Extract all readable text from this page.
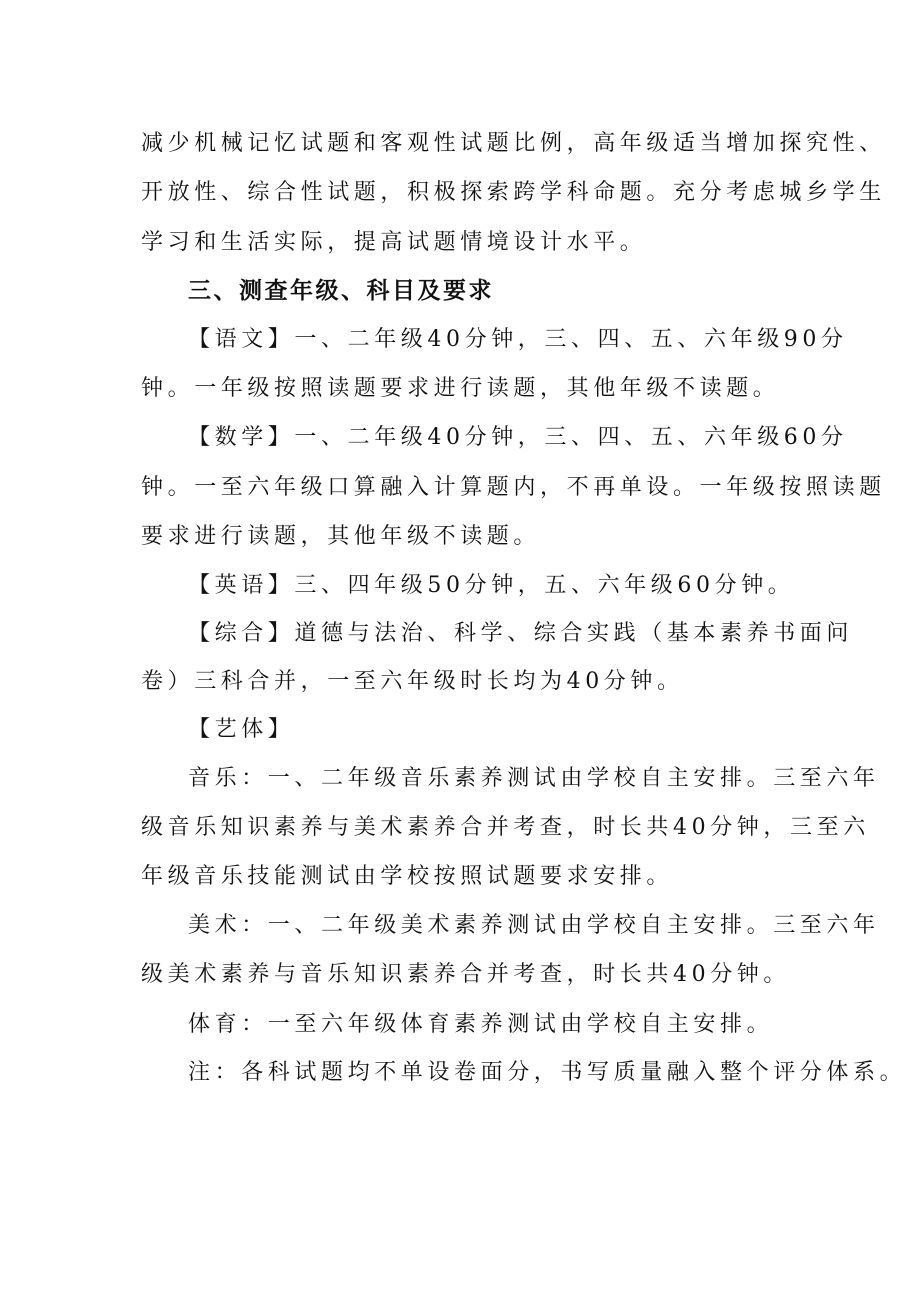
减少机械记忆试题和客观性试题比例，高年级适当增加探究性、
开放性、综合性试题，积极探索跨学科命题。充分考虑城乡学生
学习和生活实际，提高试题情境设计水平。
三、测查年级、科目及要求
【语文】一、二年级40分钟，三、四、五、六年级90分
钟。一年级按照读题要求进行读题，其他年级不读题。
【数学】一、二年级40分钟，三、四、五、六年级60分
钟。一至六年级口算融入计算题内，不再单设。一年级按照读题
要求进行读题，其他年级不读题。
【英语】三、四年级50分钟，五、六年级60分钟。
【综合】道德与法治、科学、综合实践（基本素养书面问
卷）三科合并，一至六年级时长均为40分钟。
【艺体】
音乐：一、二年级音乐素养测试由学校自主安排。三至六年
级音乐知识素养与美术素养合并考查，时长共40分钟，三至六
年级音乐技能测试由学校按照试题要求安排。
美术：一、二年级美术素养测试由学校自主安排。三至六年
级美术素养与音乐知识素养合并考查，时长共40分钟。
体育：一至六年级体育素养测试由学校自主安排。
注：各科试题均不单设卷面分，书写质量融入整个评分体系。
